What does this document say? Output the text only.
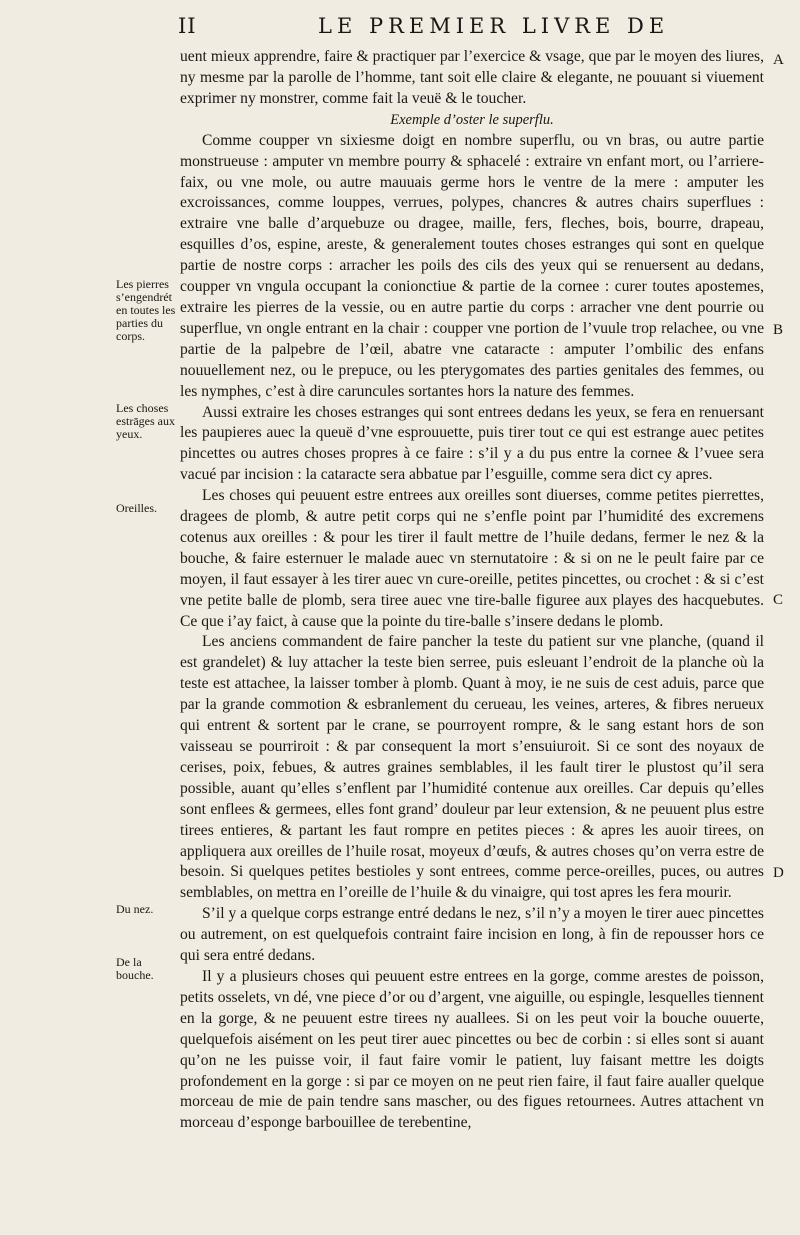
II	LE PREMIER LIVRE DE

uent mieux apprendre, faire & practiquer par l’exercice & vsage, que par le moyen des liures, ny mesme par la parolle de l’homme, tant soit elle claire & elegante, ne pouuant si viuement exprimer ny monstrer, comme fait la veuë & le toucher.

Exemple d’oster le superflu.

Comme coupper vn sixiesme doigt en nombre superflu, ou vn bras, ou autre partie monstrueuse : amputer vn membre pourry & sphacelé : extraire vn enfant mort, ou l’arriere-faix, ou vne mole, ou autre mauuais germe hors le ventre de la mere : amputer les excroissances, comme louppes, verrues, polypes, chancres & autres chairs superflues : extraire vne balle d’arquebuze ou dragee, maille, fers, fleches, bois, bourre, drapeau, esquilles d’os, espine, areste, & generalement toutes choses estranges qui sont en quelque partie de nostre corps : arracher les poils des cils des yeux qui se renuersent au dedans, coupper vn vngula occupant la conionctiue & partie de la cornee : curer toutes apostemes, extraire les pierres de la vessie, ou en autre partie du corps : arracher vne dent pourrie ou superflue, vn ongle entrant en la chair : coupper vne portion de l’vuule trop relachee, ou vne partie de la palpebre de l’œil, abatre vne cataracte : amputer l’ombilic des enfans nouuellement nez, ou le prepuce, ou les pterygomates des parties genitales des femmes, ou les nymphes, c’est à dire caruncules sortantes hors la nature des femmes.

Aussi extraire les choses estranges qui sont entrees dedans les yeux, se fera en renuersant les paupieres auec la queuë d’vne esprouuette, puis tirer tout ce qui est estrange auec petites pincettes ou autres choses propres à ce faire : s’il y a du pus entre la cornee & l’vuee sera vacué par incision : la cataracte sera abbatue par l’esguille, comme sera dict cy apres.

Les choses qui peuuent estre entrees aux oreilles sont diuerses, comme petites pierrettes, dragees de plomb, & autre petit corps qui ne s’enfle point par l’humidité des excremens cotenus aux oreilles : & pour les tirer il fault mettre de l’huile dedans, fermer le nez & la bouche, & faire esternuer le malade auec vn sternutatoire : & si on ne le peult faire par ce moyen, il faut essayer à les tirer auec vn cure-oreille, petites pincettes, ou crochet : & si c’est vne petite balle de plomb, sera tiree auec vne tire-balle figuree aux playes des hacquebutes. Ce que i’ay faict, à cause que la pointe du tire-balle s’insere dedans le plomb.

Les anciens commandent de faire pancher la teste du patient sur vne planche, (quand il est grandelet) & luy attacher la teste bien serree, puis esleuant l’endroit de la planche où la teste est attachee, la laisser tomber à plomb. Quant à moy, ie ne suis de cest aduis, parce que par la grande commotion & esbranlement du cerueau, les veines, arteres, & fibres nerueux qui entrent & sortent par le crane, se pourroyent rompre, & le sang estant hors de son vaisseau se pourriroit : & par consequent la mort s’ensuiuroit. Si ce sont des noyaux de cerises, poix, febues, & autres graines semblables, il les fault tirer le plustost qu’il sera possible, auant qu’elles s’enflent par l’humidité contenue aux oreilles. Car depuis qu’elles sont enflees & germees, elles font grand’ douleur par leur extension, & ne peuuent plus estre tirees entieres, & partant les faut rompre en petites pieces : & apres les auoir tirees, on appliquera aux oreilles de l’huile rosat, moyeux d’œufs, & autres choses qu’on verra estre de besoin. Si quelques petites bestioles y sont entrees, comme perce-oreilles, puces, ou autres semblables, on mettra en l’oreille de l’huile & du vinaigre, qui tost apres les fera mourir.

S’il y a quelque corps estrange entré dedans le nez, s’il n’y a moyen le tirer auec pincettes ou autrement, on est quelquefois contraint faire incision en long, à fin de repousser hors ce qui sera entré dedans.

Il y a plusieurs choses qui peuuent estre entrees en la gorge, comme arestes de poisson, petits osselets, vn dé, vne piece d’or ou d’argent, vne aiguille, ou espingle, lesquelles tiennent en la gorge, & ne peuuent estre tirees ny auallees. Si on les peut voir la bouche ouuerte, quelquefois aisément on les peut tirer auec pincettes ou bec de corbin : si elles sont si auant qu’on ne les puisse voir, il faut faire vomir le patient, luy faisant mettre les doigts profondement en la gorge : si par ce moyen on ne peut rien faire, il faut faire aualler quelque morceau de mie de pain tendre sans mascher, ou des figues retournees. Autres attachent vn morceau d’esponge barbouillee de terebentine,

Les pierres s’engendrét en toutes les parties du corps.
Les choses estrāges aux yeux.
Oreilles.
Du nez.
De la bouche.
A
B
C
D
